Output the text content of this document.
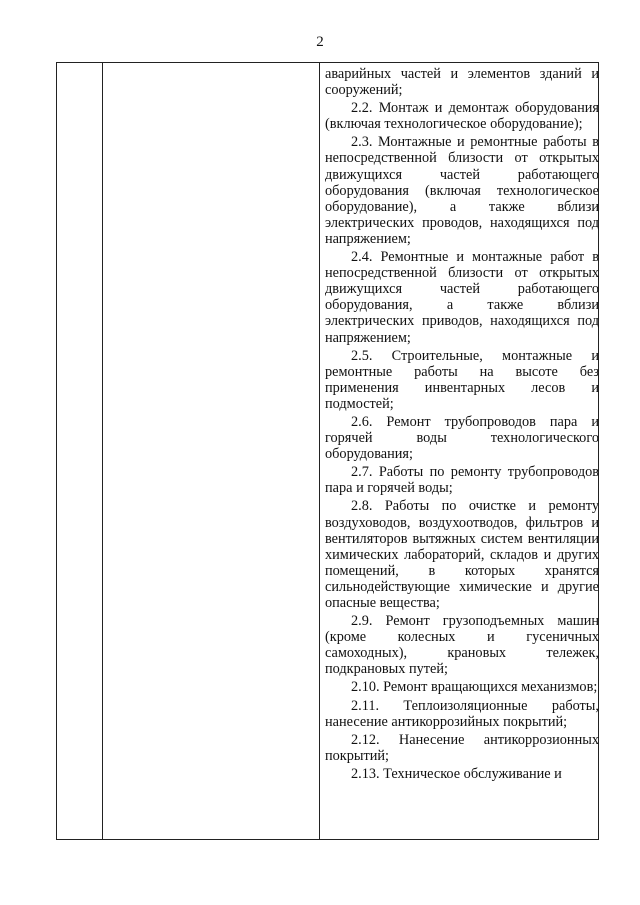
2

аварийных частей и элементов зданий и сооружений;

2.2. Монтаж и демонтаж оборудования (включая технологическое оборудование);

2.3. Монтажные и ремонтные работы в непосредственной близости от открытых движущихся частей работающего оборудования (включая технологическое оборудование), а также вблизи электрических проводов, находящихся под напряжением;

2.4. Ремонтные и монтажные работ в непосредственной близости от открытых движущихся частей работающего оборудования, а также вблизи электрических приводов, находящихся под напряжением;

2.5. Строительные, монтажные и ремонтные работы на высоте без применения инвентарных лесов и подмостей;

2.6. Ремонт трубопроводов пара и горячей воды технологического оборудования;

2.7. Работы по ремонту трубопроводов пара и горячей воды;

2.8. Работы по очистке и ремонту воздуховодов, воздухоотводов, фильтров и вентиляторов вытяжных систем вентиляции химических лабораторий, складов и других помещений, в которых хранятся сильнодействующие химические и другие опасные вещества;

2.9. Ремонт грузоподъемных машин (кроме колесных и гусеничных самоходных), крановых тележек, подкрановых путей;

2.10. Ремонт вращающихся механизмов;

2.11. Теплоизоляционные работы, нанесение антикоррозийных покрытий;

2.12. Нанесение антикоррозионных покрытий;

2.13. Техническое обслуживание и
